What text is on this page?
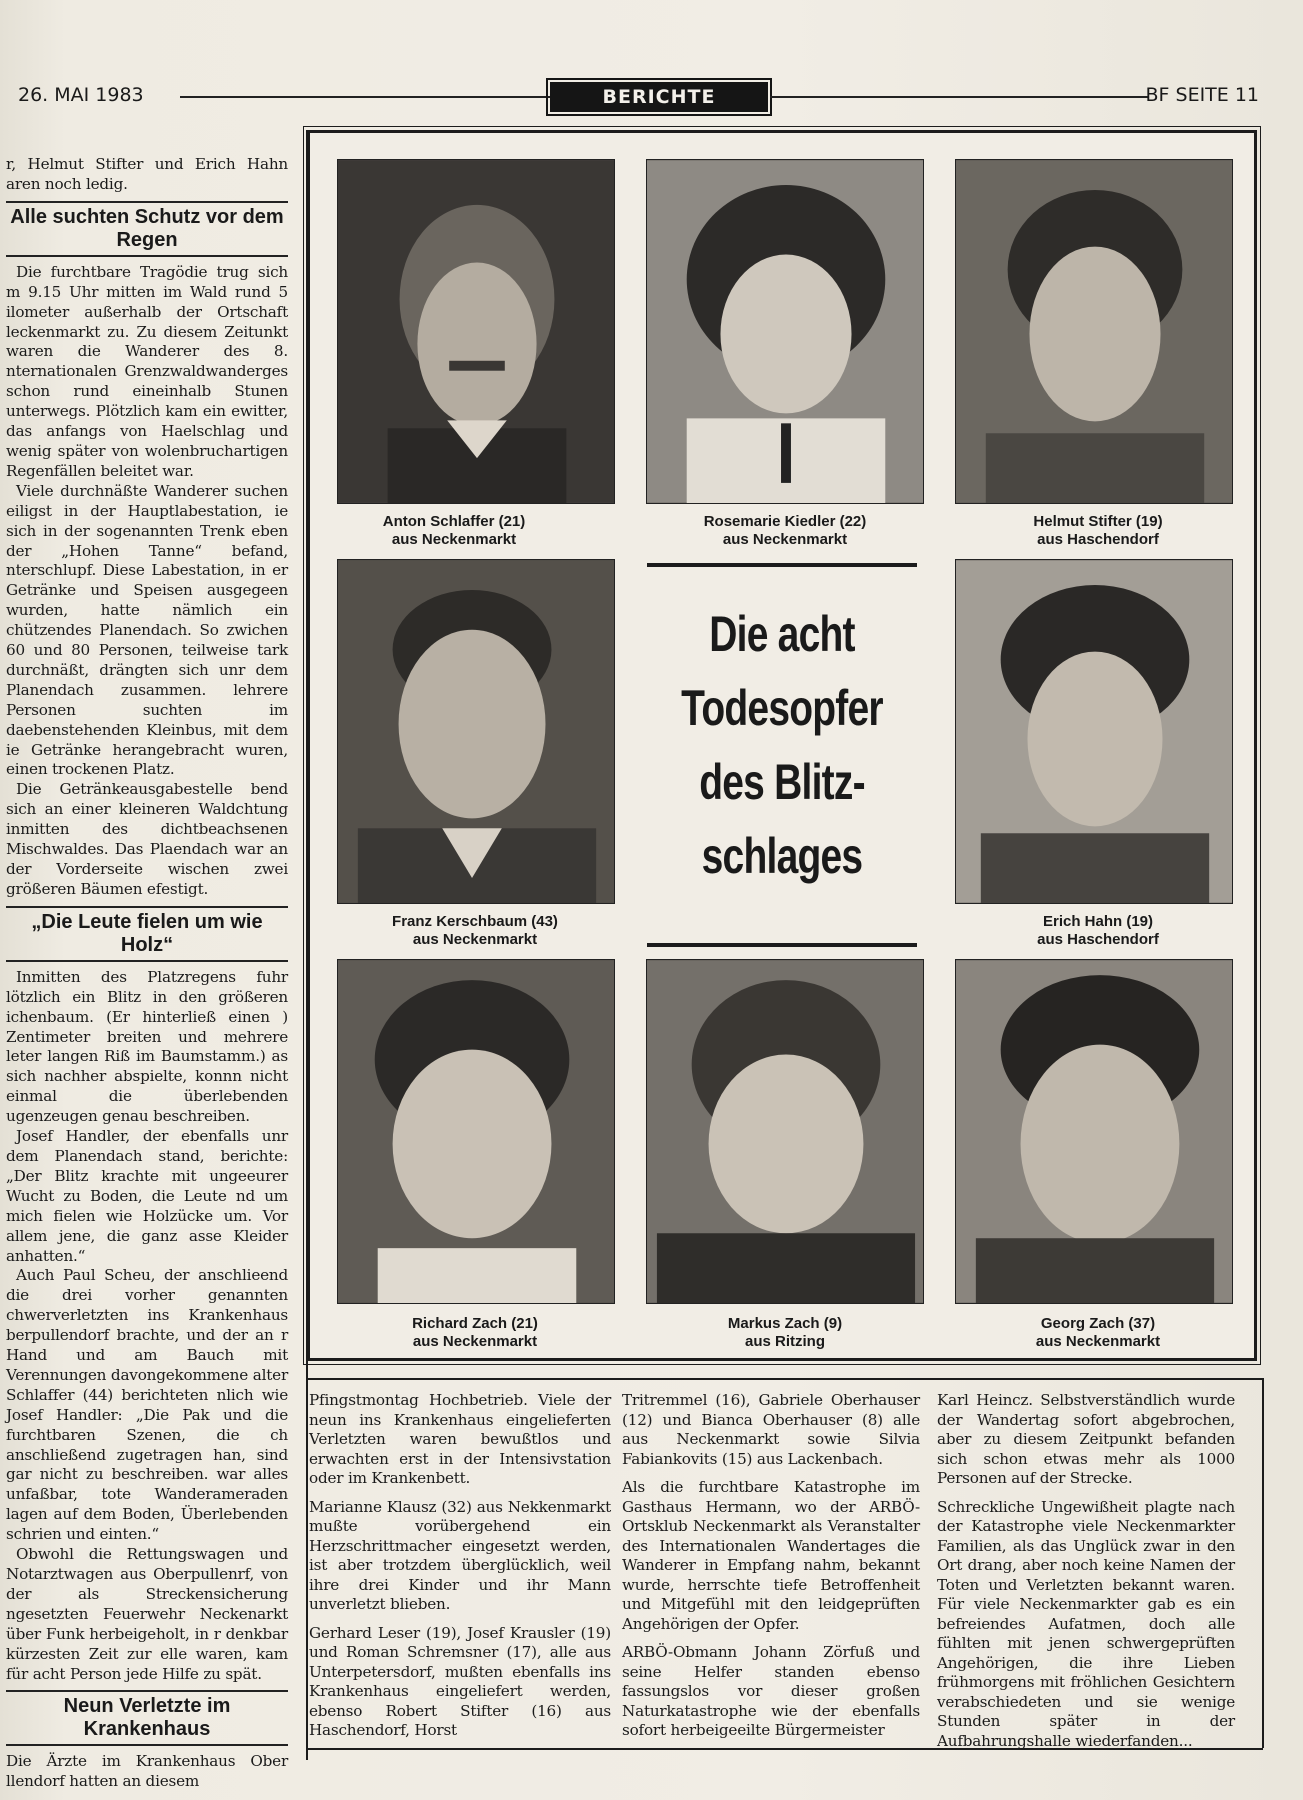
26. MAI 1983	BERICHTE	BF SEITE 11

r, Helmut Stifter und Erich Hahn aren noch ledig.

Alle suchten Schutz vor dem Regen

Die furchtbare Tragödie trug sich m 9.15 Uhr mitten im Wald rund 5 ilometer außerhalb der Ortschaft leckenmarkt zu. Zu diesem Zeitunkt waren die Wanderer des 8. nternationalen Grenzwaldwanderges schon rund eineinhalb Stunen unterwegs. Plötzlich kam ein ewitter, das anfangs von Haelschlag und wenig später von wolenbruchartigen Regenfällen beleitet war.

Viele durchnäßte Wanderer suchen eiligst in der Hauptlabestation, ie sich in der sogenannten Trenk eben der „Hohen Tanne“ befand, nterschlupf. Diese Labestation, in er Getränke und Speisen ausgegeen wurden, hatte nämlich ein chützendes Planendach. So zwichen 60 und 80 Personen, teilweise tark durchnäßt, drängten sich unr dem Planendach zusammen. lehrere Personen suchten im daebenstehenden Kleinbus, mit dem ie Getränke herangebracht wuren, einen trockenen Platz.

Die Getränkeausgabestelle bend sich an einer kleineren Waldchtung inmitten des dichtbeachsenen Mischwaldes. Das Plaendach war an der Vorderseite wischen zwei größeren Bäumen efestigt.

„Die Leute fielen um wie Holz“

Inmitten des Platzregens fuhr lötzlich ein Blitz in den größeren ichenbaum. (Er hinterließ einen ) Zentimeter breiten und mehrere leter langen Riß im Baumstamm.) as sich nachher abspielte, konnn nicht einmal die überlebenden ugenzeugen genau beschreiben.

Josef Handler, der ebenfalls unr dem Planendach stand, berichte: „Der Blitz krachte mit ungeeurer Wucht zu Boden, die Leute nd um mich fielen wie Holzücke um. Vor allem jene, die ganz asse Kleider anhatten.“

Auch Paul Scheu, der anschlieend die drei vorher genannten chwerverletzten ins Krankenhaus berpullendorf brachte, und der an r Hand und am Bauch mit Verennungen davongekommene alter Schlaffer (44) berichteten nlich wie Josef Handler: „Die Pak und die furchtbaren Szenen, die ch anschließend zugetragen han, sind gar nicht zu beschreiben. war alles unfaßbar, tote Wanderameraden lagen auf dem Boden, Überlebenden schrien und einten.“

Obwohl die Rettungswagen und Notarztwagen aus Oberpullenrf, von der als Streckensicherung ngesetzten Feuerwehr Neckenarkt über Funk herbeigeholt, in r denkbar kürzesten Zeit zur elle waren, kam für acht Person jede Hilfe zu spät.

Neun Verletzte im Krankenhaus

Die Ärzte im Krankenhaus Ober llendorf hatten an diesem

Anton Schlaffer (21)
aus Neckenmarkt
Rosemarie Kiedler (22)
aus Neckenmarkt
Helmut Stifter (19)
aus Haschendorf
Die acht Todesopfer des Blitz- schlages
Franz Kerschbaum (43)
aus Neckenmarkt
Erich Hahn (19)
aus Haschendorf
Richard Zach (21)
aus Neckenmarkt
Markus Zach (9)
aus Ritzing
Georg Zach (37)
aus Neckenmarkt

Pfingstmontag Hochbetrieb. Viele der neun ins Krankenhaus eingelieferten Verletzten waren bewußtlos und erwachten erst in der Intensivstation oder im Krankenbett.

Marianne Klausz (32) aus Nekkenmarkt mußte vorübergehend ein Herzschrittmacher eingesetzt werden, ist aber trotzdem überglücklich, weil ihre drei Kinder und ihr Mann unverletzt blieben.

Gerhard Leser (19), Josef Krausler (19) und Roman Schremsner (17), alle aus Unterpetersdorf, mußten ebenfalls ins Krankenhaus eingeliefert werden, ebenso Robert Stifter (16) aus Haschendorf, Horst

Tritremmel (16), Gabriele Oberhauser (12) und Bianca Oberhauser (8) alle aus Neckenmarkt sowie Silvia Fabiankovits (15) aus Lackenbach.

Als die furchtbare Katastrophe im Gasthaus Hermann, wo der ARBÖ-Ortsklub Neckenmarkt als Veranstalter des Internationalen Wandertages die Wanderer in Empfang nahm, bekannt wurde, herrschte tiefe Betroffenheit und Mitgefühl mit den leidgeprüften Angehörigen der Opfer.

ARBÖ-Obmann Johann Zörfuß und seine Helfer standen ebenso fassungslos vor dieser großen Naturkatastrophe wie der ebenfalls sofort herbeigeeilte Bürgermeister

Karl Heincz. Selbstverständlich wurde der Wandertag sofort abgebrochen, aber zu diesem Zeitpunkt befanden sich schon etwas mehr als 1000 Personen auf der Strecke.

Schreckliche Ungewißheit plagte nach der Katastrophe viele Neckenmarkter Familien, als das Unglück zwar in den Ort drang, aber noch keine Namen der Toten und Verletzten bekannt waren. Für viele Neckenmarkter gab es ein befreiendes Aufatmen, doch alle fühlten mit jenen schwergeprüften Angehörigen, die ihre Lieben frühmorgens mit fröhlichen Gesichtern verabschiedeten und sie wenige Stunden später in der Aufbahrungshalle wiederfanden...
